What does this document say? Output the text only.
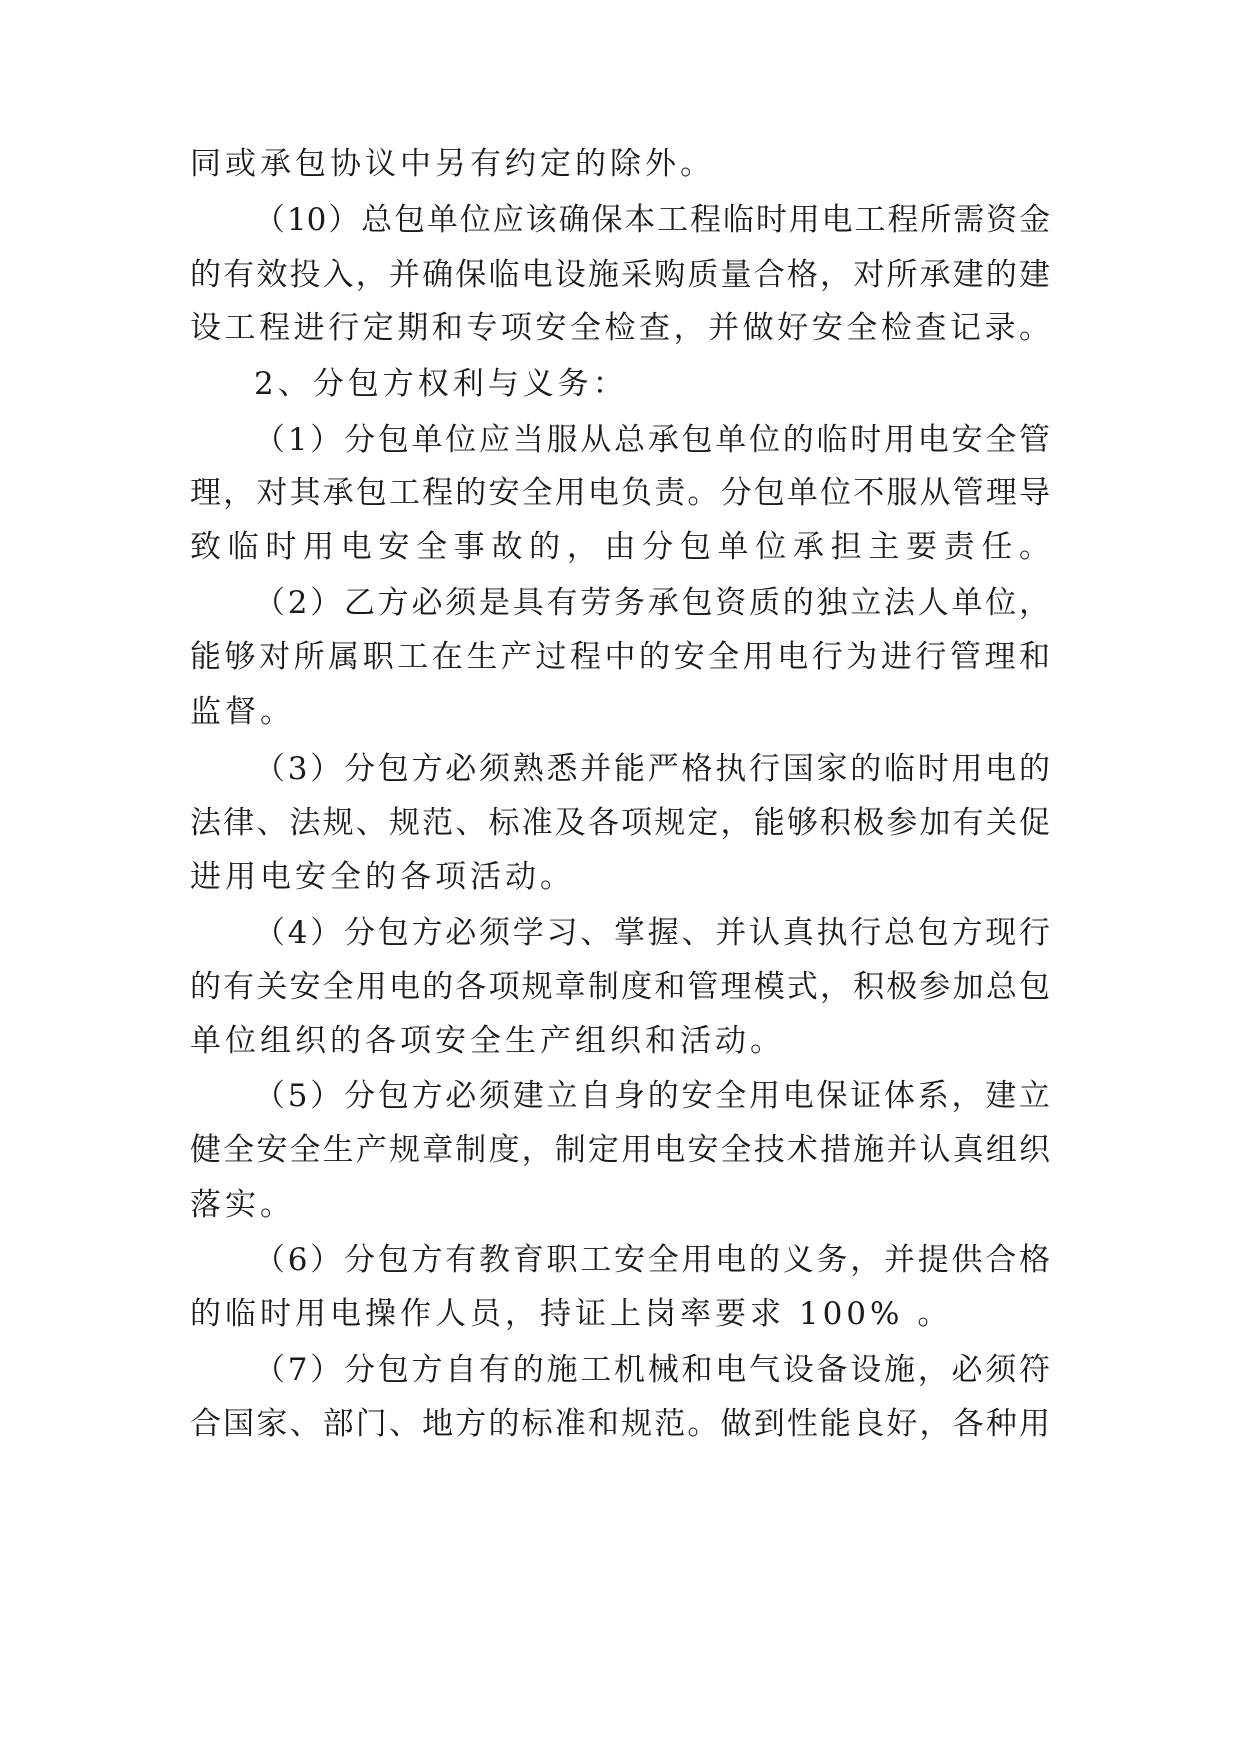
同或承包协议中另有约定的除外。
（10）总包单位应该确保本工程临时用电工程所需资金
的有效投入，并确保临电设施采购质量合格，对所承建的建
设工程进行定期和专项安全检查，并做好安全检查记录。
2、分包方权利与义务：
（1）分包单位应当服从总承包单位的临时用电安全管
理，对其承包工程的安全用电负责。分包单位不服从管理导
致临时用电安全事故的，由分包单位承担主要责任。
（2）乙方必须是具有劳务承包资质的独立法人单位，
能够对所属职工在生产过程中的安全用电行为进行管理和
监督。
（3）分包方必须熟悉并能严格执行国家的临时用电的
法律、法规、规范、标准及各项规定，能够积极参加有关促
进用电安全的各项活动。
（4）分包方必须学习、掌握、并认真执行总包方现行
的有关安全用电的各项规章制度和管理模式，积极参加总包
单位组织的各项安全生产组织和活动。
（5）分包方必须建立自身的安全用电保证体系，建立
健全安全生产规章制度，制定用电安全技术措施并认真组织
落实。
（6）分包方有教育职工安全用电的义务，并提供合格
的临时用电操作人员，持证上岗率要求 100% 。
（7）分包方自有的施工机械和电气设备设施，必须符
合国家、部门、地方的标准和规范。做到性能良好，各种用
